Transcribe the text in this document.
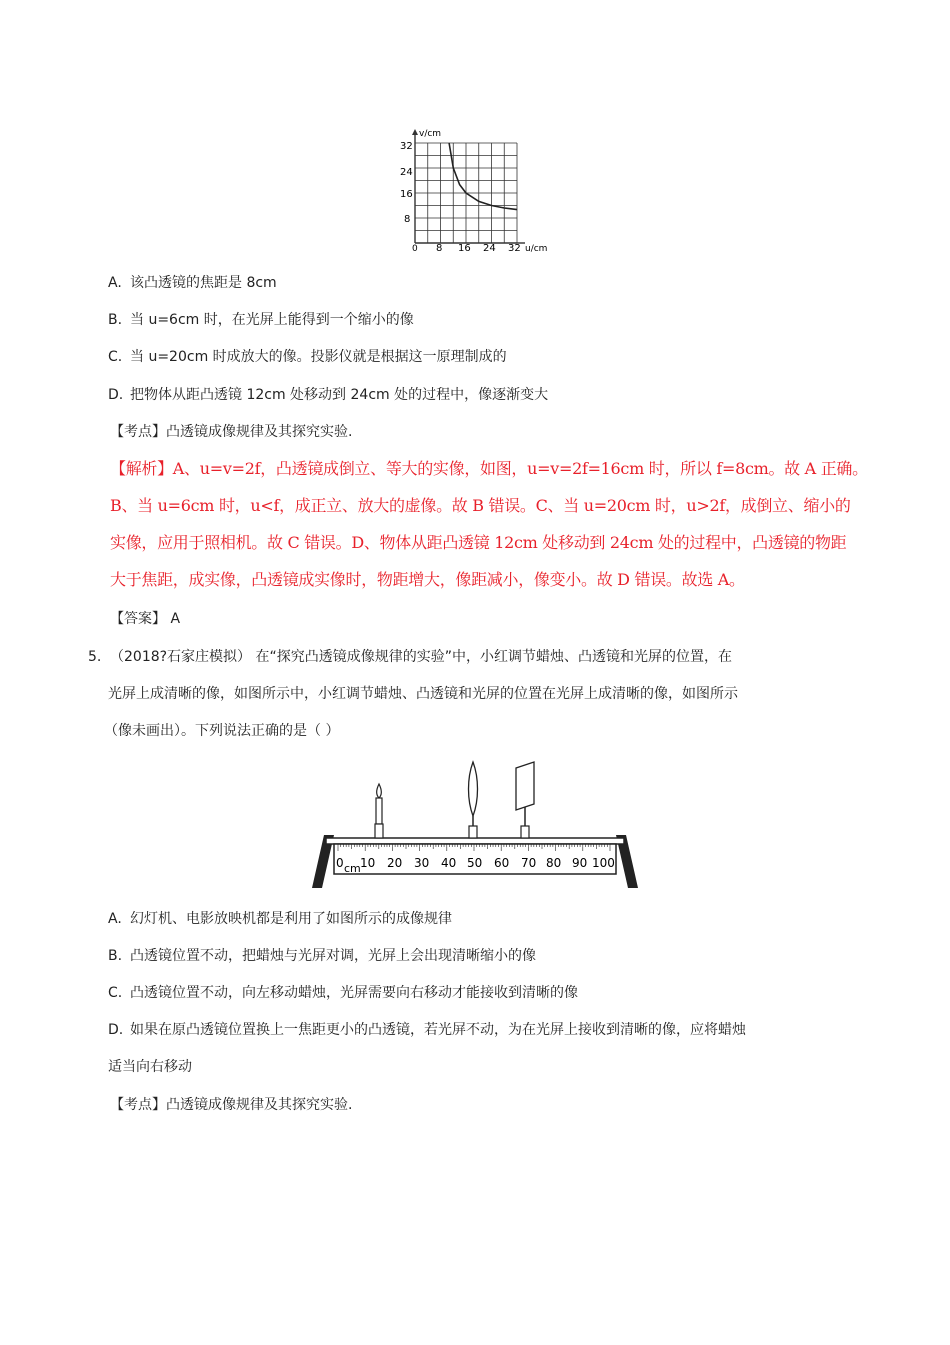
v/cm
u/cm
0
32
24
16
8
8 16 24 32
A. 该凸透镜的焦距是 8cm
B. 当 u=6cm 时，在光屏上能得到一个缩小的像
C. 当 u=20cm 时成放大的像。投影仪就是根据这一原理制成的
D. 把物体从距凸透镜 12cm 处移动到 24cm 处的过程中，像逐渐变大
【考点】凸透镜成像规律及其探究实验.
【解析】A、u=v=2f，凸透镜成倒立、等大的实像，如图，u=v=2f=16cm 时，所以 f=8cm。故 A 正确。
B、当 u=6cm 时，u<f，成正立、放大的虚像。故 B 错误。C、当 u=20cm 时，u>2f，成倒立、缩小的
实像，应用于照相机。故 C 错误。D、物体从距凸透镜 12cm 处移动到 24cm 处的过程中，凸透镜的物距
大于焦距，成实像，凸透镜成实像时，物距增大，像距减小，像变小。故 D 错误。故选 A。
【答案】 A
5. （2018?石家庄模拟） 在“探究凸透镜成像规律的实验”中，小红调节蜡烛、凸透镜和光屏的位置，在
光屏上成清晰的像，如图所示中，小红调节蜡烛、凸透镜和光屏的位置在光屏上成清晰的像，如图所示
（像未画出）。下列说法正确的是（ ）
cm
0 10 20 30 40 50 60 70 80 90 100
A. 幻灯机、电影放映机都是利用了如图所示的成像规律
B. 凸透镜位置不动，把蜡烛与光屏对调，光屏上会出现清晰缩小的像
C. 凸透镜位置不动，向左移动蜡烛，光屏需要向右移动才能接收到清晰的像
D. 如果在原凸透镜位置换上一焦距更小的凸透镜，若光屏不动，为在光屏上接收到清晰的像，应将蜡烛
适当向右移动
【考点】凸透镜成像规律及其探究实验.
